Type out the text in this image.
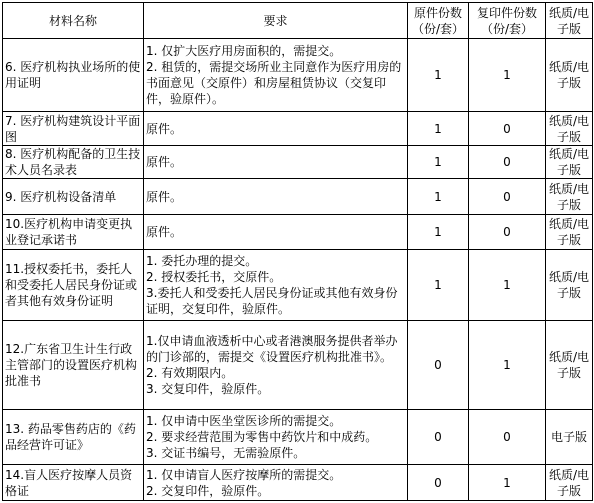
材料名称	要求	原件份数（份/套）	复印件份数（份/套）	纸质/电子版
6. 医疗机构执业场所的使用证明	1. 仅扩大医疗用房面积的，需提交。
2. 租赁的，需提交场所业主同意作为医疗用房的书面意见（交原件）和房屋租赁协议（交复印件，验原件）。	1	1	纸质/电子版
7. 医疗机构建筑设计平面图	原件。	1	0	纸质/电子版
8. 医疗机构配备的卫生技术人员名录表	原件。	1	0	纸质/电子版
9. 医疗机构设备清单	原件。	1	0	纸质/电子版
10.医疗机构申请变更执业登记承诺书	原件。	1	0	纸质/电子版
11.授权委托书，委托人和受委托人居民身份证或者其他有效身份证明	1. 委托办理的提交。
2. 授权委托书，交原件。
3.委托人和受委托人居民身份证或其他有效身份证明，交复印件，验原件。	1	1	纸质/电子版
12.广东省卫生计生行政主管部门的设置医疗机构批准书	1.仅申请血液透析中心或者港澳服务提供者举办的门诊部的，需提交《设置医疗机构批准书》。
2. 有效期限内。
3. 交复印件，验原件。	0	1	纸质/电子版
13. 药品零售药店的《药品经营许可证》	1. 仅申请中医坐堂医诊所的需提交。
2. 要求经营范围为零售中药饮片和中成药。
3. 交证书编号，无需验原件。	0	0	电子版
14.盲人医疗按摩人员资格证	1. 仅申请盲人医疗按摩所的需提交。
2. 交复印件，验原件。	0	1	纸质/电子版
